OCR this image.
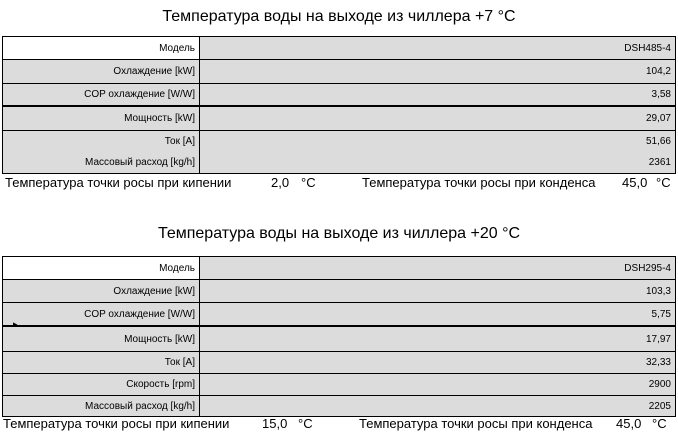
Температура воды на выходе из чиллера +7 °C
Модель	DSH485-4
Охлаждение [kW]	104,2
COP охлаждение [W/W]	3,58
Мощность [kW]	29,07
Ток [A]	51,66
Массовый расход [kg/h]	2361
Температура точки росы при кипении	2,0 °C	Температура точки росы при конденса 45,0 °C
Температура воды на выходе из чиллера +20 °C
Модель	DSH295-4
Охлаждение [kW]	103,3
COP охлаждение [W/W]	5,75
Мощность [kW]	17,97
Ток [A]	32,33
Скорость [rpm]	2900
Массовый расход [kg/h]	2205
▸
Температура точки росы при кипении	15,0 °C	Температура точки росы при конденса 45,0 °C
